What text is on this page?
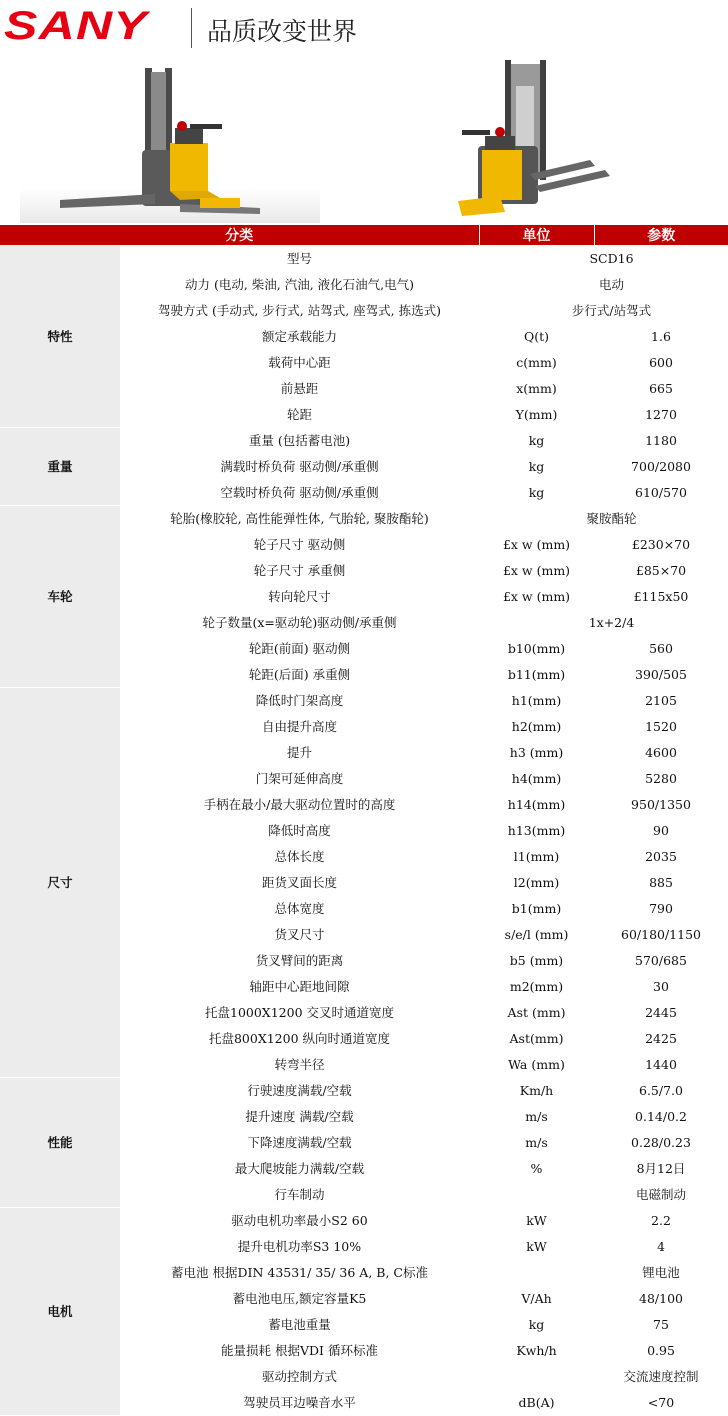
SANY 品质改变世界
分类		单位	参数
特性	型号	SCD16	
	动力 (电动, 柴油, 汽油, 液化石油气,电气)	电动	
	驾驶方式 (手动式, 步行式, 站驾式, 座驾式, 拣选式)	步行式/站驾式	
	额定承载能力	Q(t)	1.6
	载荷中心距	c(mm)	600
	前悬距	x(mm)	665
	轮距	Y(mm)	1270
重量	重量 (包括蓄电池)	kg	1180
	满载时桥负荷 驱动侧/承重侧	kg	700/2080
	空载时桥负荷 驱动侧/承重侧	kg	610/570
车轮	轮胎(橡胶轮, 高性能弹性体, 气胎轮, 聚胺酯轮)	聚胺酯轮	
	轮子尺寸 驱动侧	£x w (mm)	£230×70
	轮子尺寸 承重侧	£x w (mm)	£85×70
	转向轮尺寸	£x w (mm)	£115x50
	轮子数量(x=驱动轮)驱动侧/承重侧	1x+2/4	
	轮距(前面) 驱动侧	b10(mm)	560
	轮距(后面) 承重侧	b11(mm)	390/505
尺寸	降低时门架高度	h1(mm)	2105
	自由提升高度	h2(mm)	1520
	提升	h3 (mm)	4600
	门架可延伸高度	h4(mm)	5280
	手柄在最小/最大驱动位置时的高度	h14(mm)	950/1350
	降低时高度	h13(mm)	90
	总体长度	l1(mm)	2035
	距货叉面长度	l2(mm)	885
	总体宽度	b1(mm)	790
	货叉尺寸	s/e/l (mm)	60/180/1150
	货叉臂间的距离	b5 (mm)	570/685
	轴距中心距地间隙	m2(mm)	30
	托盘1000X1200 交叉时通道宽度	Ast (mm)	2445
	托盘800X1200 纵向时通道宽度	Ast(mm)	2425
	转弯半径	Wa (mm)	1440
性能	行驶速度满载/空载	Km/h	6.5/7.0
	提升速度 满载/空载	m/s	0.14/0.2
	下降速度满载/空载	m/s	0.28/0.23
	最大爬坡能力满载/空载	%	8月12日
	行车制动		电磁制动
电机	驱动电机功率最小S2 60	kW	2.2
	提升电机功率S3 10%	kW	4
	蓄电池 根据DIN 43531/ 35/ 36 A, B, C标准		锂电池
	蓄电池电压,额定容量K5	V/Ah	48/100
	蓄电池重量	kg	75
	能量损耗 根据VDI 循环标准	Kwh/h	0.95
	驱动控制方式		交流速度控制
	驾驶员耳边噪音水平	dB(A)	<70
